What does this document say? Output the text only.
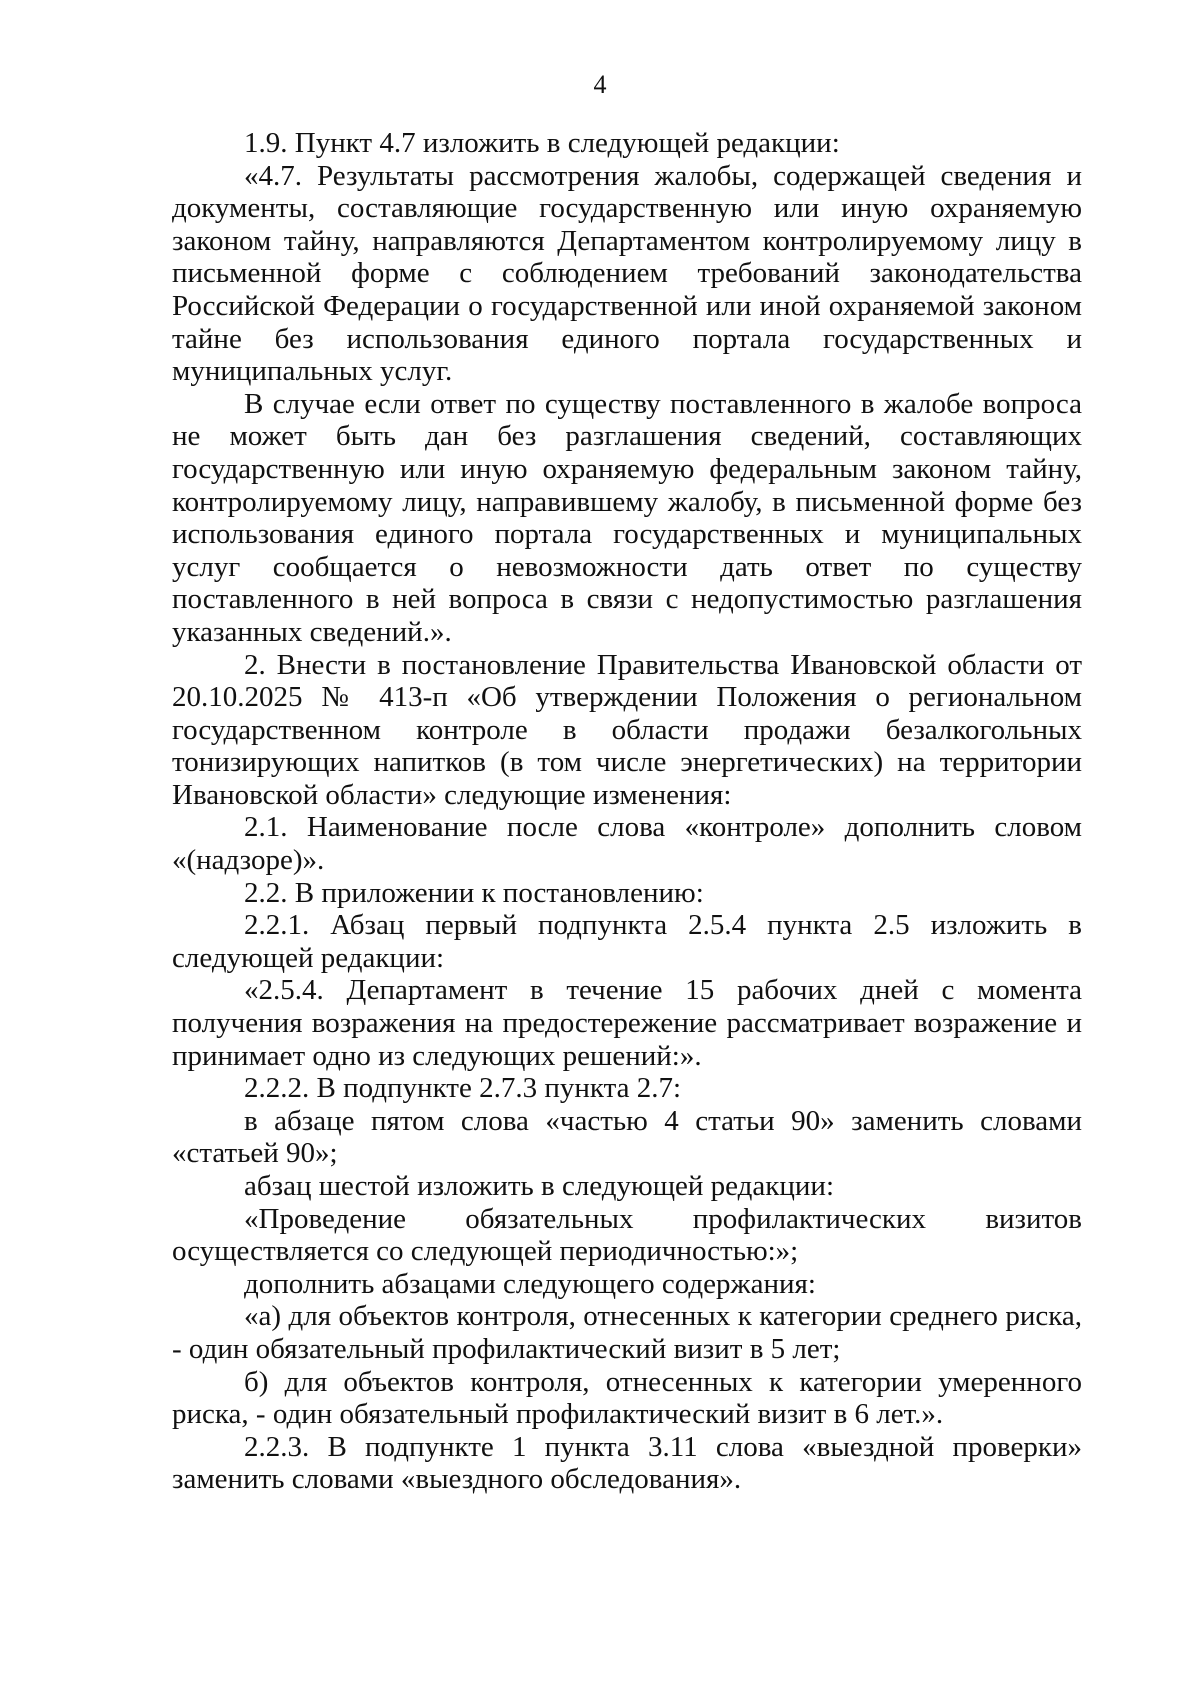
4

1.9. Пункт 4.7 изложить в следующей редакции:

«4.7. Результаты рассмотрения жалобы, содержащей сведения и документы, составляющие государственную или иную охраняемую законом тайну, направляются Департаментом контролируемому лицу в письменной форме с соблюдением требований законодательства Российской Федерации о государственной или иной охраняемой законом тайне без использования единого портала государственных и муниципальных услуг.

В случае если ответ по существу поставленного в жалобе вопроса не может быть дан без разглашения сведений, составляющих государственную или иную охраняемую федеральным законом тайну, контролируемому лицу, направившему жалобу, в письменной форме без использования единого портала государственных и муниципальных услуг сообщается о невозможности дать ответ по существу поставленного в ней вопроса в связи с недопустимостью разглашения указанных сведений.».

2. Внести в постановление Правительства Ивановской области от 20.10.2025 № 413-п «Об утверждении Положения о региональном государственном контроле в области продажи безалкогольных тонизирующих напитков (в том числе энергетических) на территории Ивановской области» следующие изменения:

2.1. Наименование после слова «контроле» дополнить словом «(надзоре)».

2.2. В приложении к постановлению:

2.2.1. Абзац первый подпункта 2.5.4 пункта 2.5 изложить в следующей редакции:

«2.5.4. Департамент в течение 15 рабочих дней с момента получения возражения на предостережение рассматривает возражение и принимает одно из следующих решений:».

2.2.2. В подпункте 2.7.3 пункта 2.7:

в абзаце пятом слова «частью 4 статьи 90» заменить словами «статьей 90»;

абзац шестой изложить в следующей редакции:

«Проведение обязательных профилактических визитов осуществляется со следующей периодичностью:»;

дополнить абзацами следующего содержания:

«а) для объектов контроля, отнесенных к категории среднего риска, - один обязательный профилактический визит в 5 лет;

б) для объектов контроля, отнесенных к категории умеренного риска, - один обязательный профилактический визит в 6 лет.».

2.2.3. В подпункте 1 пункта 3.11 слова «выездной проверки» заменить словами «выездного обследования».
